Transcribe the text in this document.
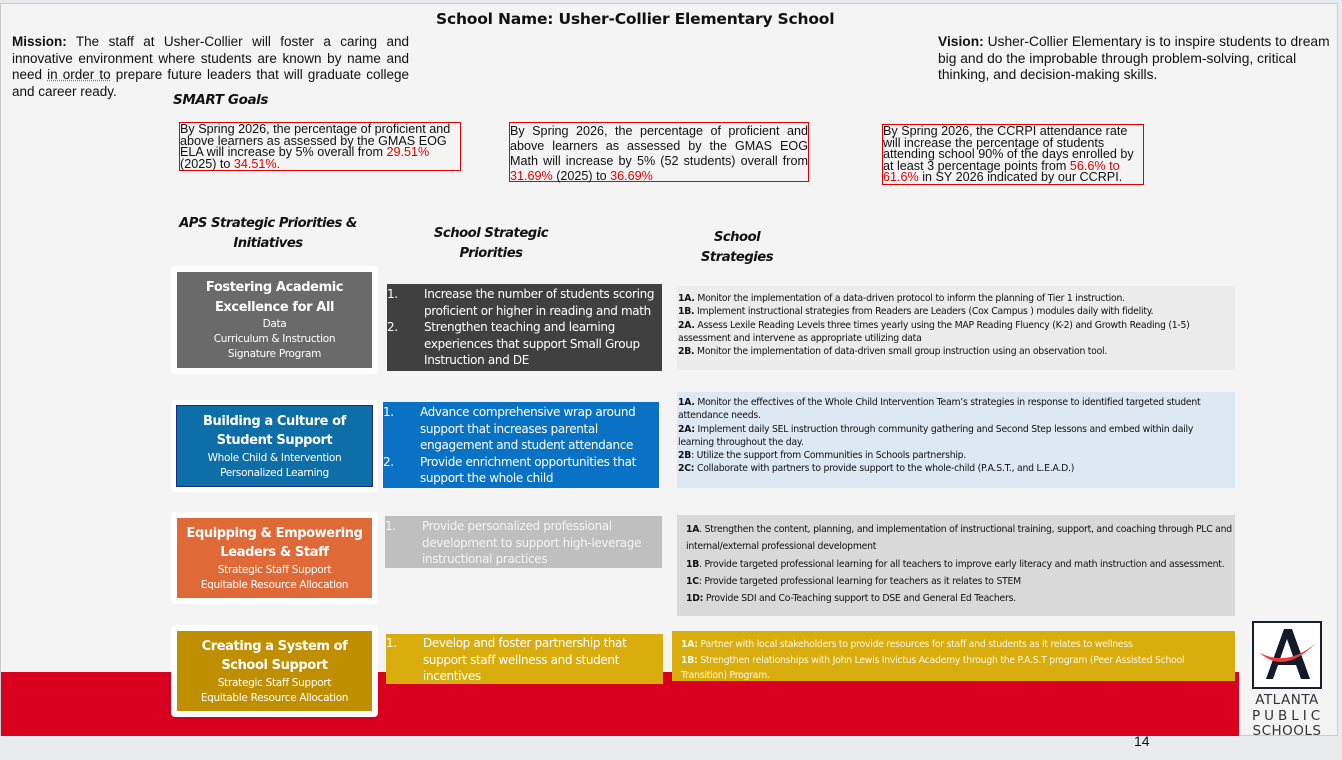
School Name: Usher-Collier Elementary School
Mission: The staff at Usher-Collier will foster a caring and innovative environment where students are known by name and need in order to prepare future leaders that will graduate college and career ready.
Vision: Usher-Collier Elementary is to inspire students to dream big and do the improbable through problem-solving, critical thinking, and decision-making skills.
SMART Goals
By Spring 2026, the percentage of proficient and above learners as assessed by the GMAS EOG ELA will increase by 5% overall from 29.51% (2025) to 34.51%.
By Spring 2026, the percentage of proficient and above learners as assessed by the GMAS EOG Math will increase by 5% (52 students) overall from 31.69% (2025) to 36.69%
By Spring 2026, the CCRPI attendance rate will increase the percentage of students attending school 90% of the days enrolled by at least 3 percentage points from 56.6% to 61.6% in SY 2026 indicated by our CCRPI.
APS Strategic Priorities & Initiatives
School Strategic Priorities
School Strategies
Fostering Academic Excellence for All
Data
Curriculum & Instruction
Signature Program
1.	Increase the number of students scoring proficient or higher in reading and math
2.	Strengthen teaching and learning experiences that support Small Group Instruction and DE
1A. Monitor the implementation of a data-driven protocol to inform the planning of Tier 1 instruction.
1B. Implement instructional strategies from Readers are Leaders (Cox Campus ) modules daily with fidelity.
2A. Assess Lexile Reading Levels three times yearly using the MAP Reading Fluency (K-2) and Growth Reading (1-5) assessment and intervene as appropriate utilizing data
2B. Monitor the implementation of data-driven small group instruction using an observation tool.
Building a Culture of Student Support
Whole Child & Intervention
Personalized Learning
1.	Advance comprehensive wrap around support that increases parental engagement and student attendance
2.	Provide enrichment opportunities that support the whole child
1A. Monitor the effectives of the Whole Child Intervention Team’s strategies in response to identified targeted student attendance needs.
2A: Implement daily SEL instruction through community gathering and Second Step lessons and embed within daily learning throughout the day.
2B: Utilize the support from Communities in Schools partnership.
2C: Collaborate with partners to provide support to the whole-child (P.A.S.T., and L.E.A.D.)
Equipping & Empowering Leaders & Staff
Strategic Staff Support
Equitable Resource Allocation
1.	Provide personalized professional development to support high-leverage instructional practices
1A. Strengthen the content, planning, and implementation of instructional training, support, and coaching through PLC and internal/external professional development
1B. Provide targeted professional learning for all teachers to improve early literacy and math instruction and assessment.
1C: Provide targeted professional learning for teachers as it relates to STEM
1D: Provide SDI and Co-Teaching support to DSE and General Ed Teachers.
Creating a System of School Support
Strategic Staff Support
Equitable Resource Allocation
1.	Develop and foster partnership that support staff wellness and student incentives
1A: Partner with local stakeholders to provide resources for staff and students as it relates to wellness
1B: Strengthen relationships with John Lewis Invictus Academy through the P.A.S.T program (Peer Assisted School Transition) Program.
ATLANTA
PUBLIC
SCHOOLS
14
